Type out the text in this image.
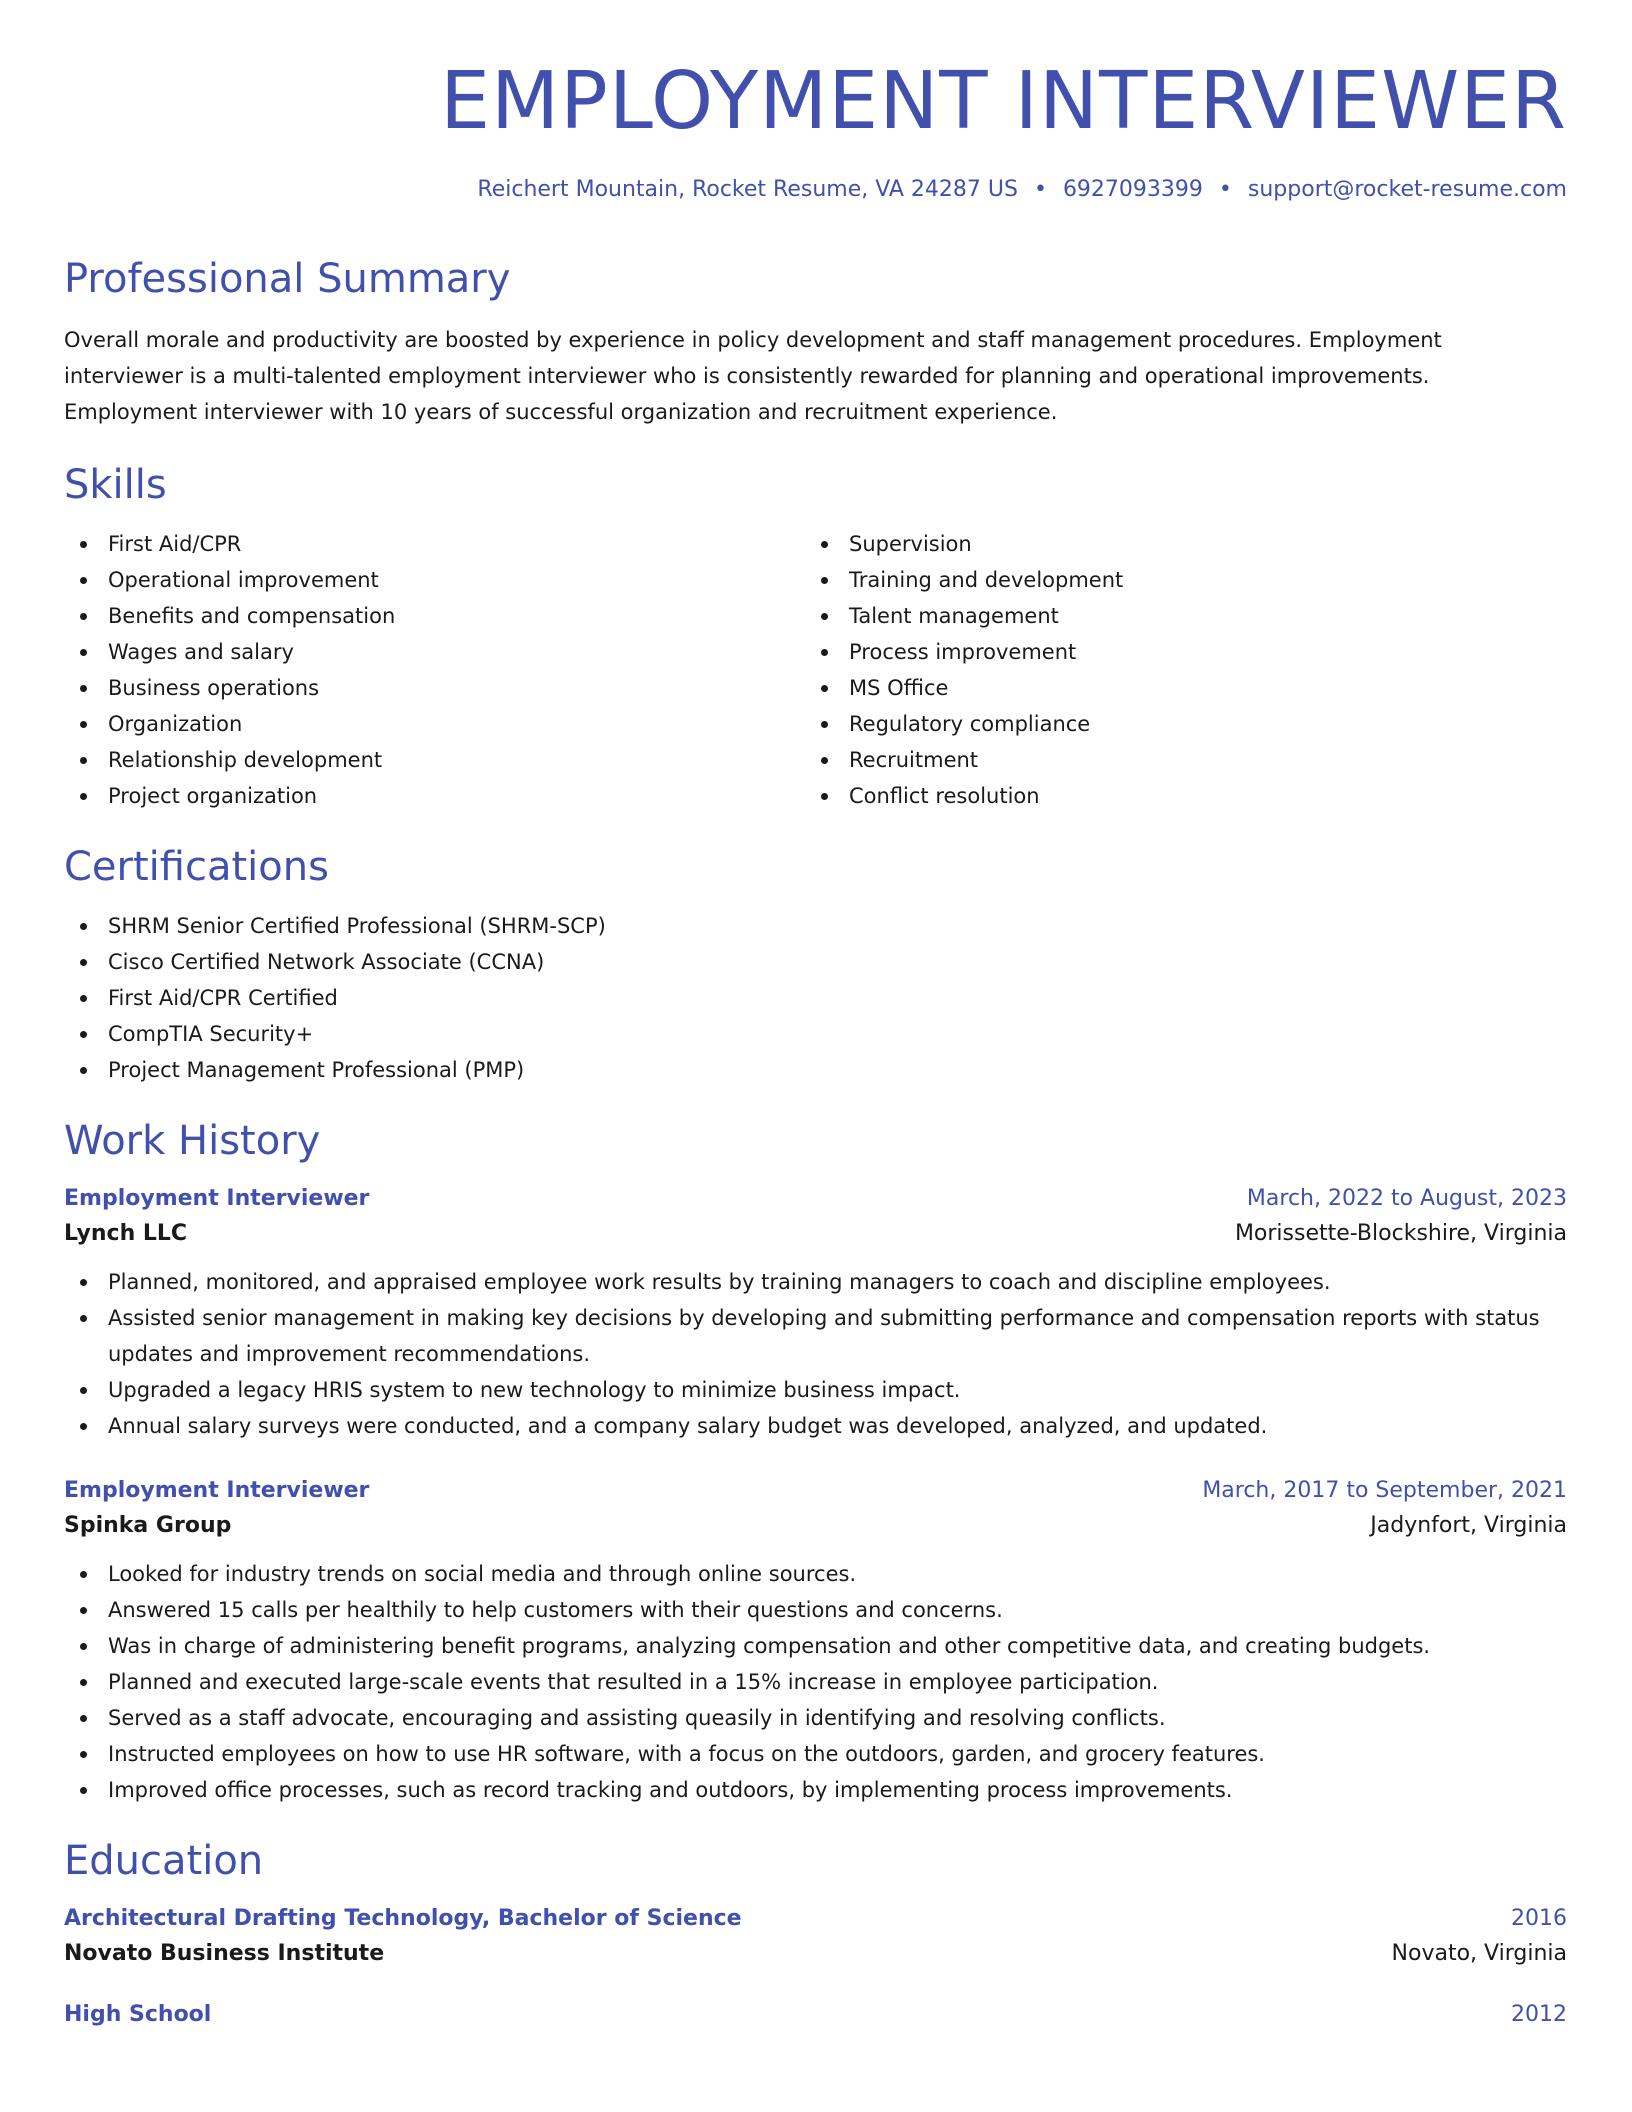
EMPLOYMENT INTERVIEWER
Reichert Mountain, Rocket Resume, VA 24287 US • 6927093399 • support@rocket-resume.com
Professional Summary

Overall morale and productivity are boosted by experience in policy development and staff management procedures. Employment interviewer is a multi-talented employment interviewer who is consistently rewarded for planning and operational improvements. Employment interviewer with 10 years of successful organization and recruitment experience.

Skills
First Aid/CPR
Operational improvement
Benefits and compensation
Wages and salary
Business operations
Organization
Relationship development
Project organization
Supervision
Training and development
Talent management
Process improvement
MS Office
Regulatory compliance
Recruitment
Conflict resolution
Certifications
SHRM Senior Certified Professional (SHRM-SCP)
Cisco Certified Network Associate (CCNA)
First Aid/CPR Certified
CompTIA Security+
Project Management Professional (PMP)
Work History
Employment Interviewer	March, 2022 to August, 2023
Lynch LLC	Morissette-Blockshire, Virginia
Planned, monitored, and appraised employee work results by training managers to coach and discipline employees.
Assisted senior management in making key decisions by developing and submitting performance and compensation reports with status updates and improvement recommendations.
Upgraded a legacy HRIS system to new technology to minimize business impact.
Annual salary surveys were conducted, and a company salary budget was developed, analyzed, and updated.
Employment Interviewer	March, 2017 to September, 2021
Spinka Group	Jadynfort, Virginia
Looked for industry trends on social media and through online sources.
Answered 15 calls per healthily to help customers with their questions and concerns.
Was in charge of administering benefit programs, analyzing compensation and other competitive data, and creating budgets.
Planned and executed large-scale events that resulted in a 15% increase in employee participation.
Served as a staff advocate, encouraging and assisting queasily in identifying and resolving conflicts.
Instructed employees on how to use HR software, with a focus on the outdoors, garden, and grocery features.
Improved office processes, such as record tracking and outdoors, by implementing process improvements.
Education
Architectural Drafting Technology, Bachelor of Science	2016
Novato Business Institute	Novato, Virginia
High School	2012
